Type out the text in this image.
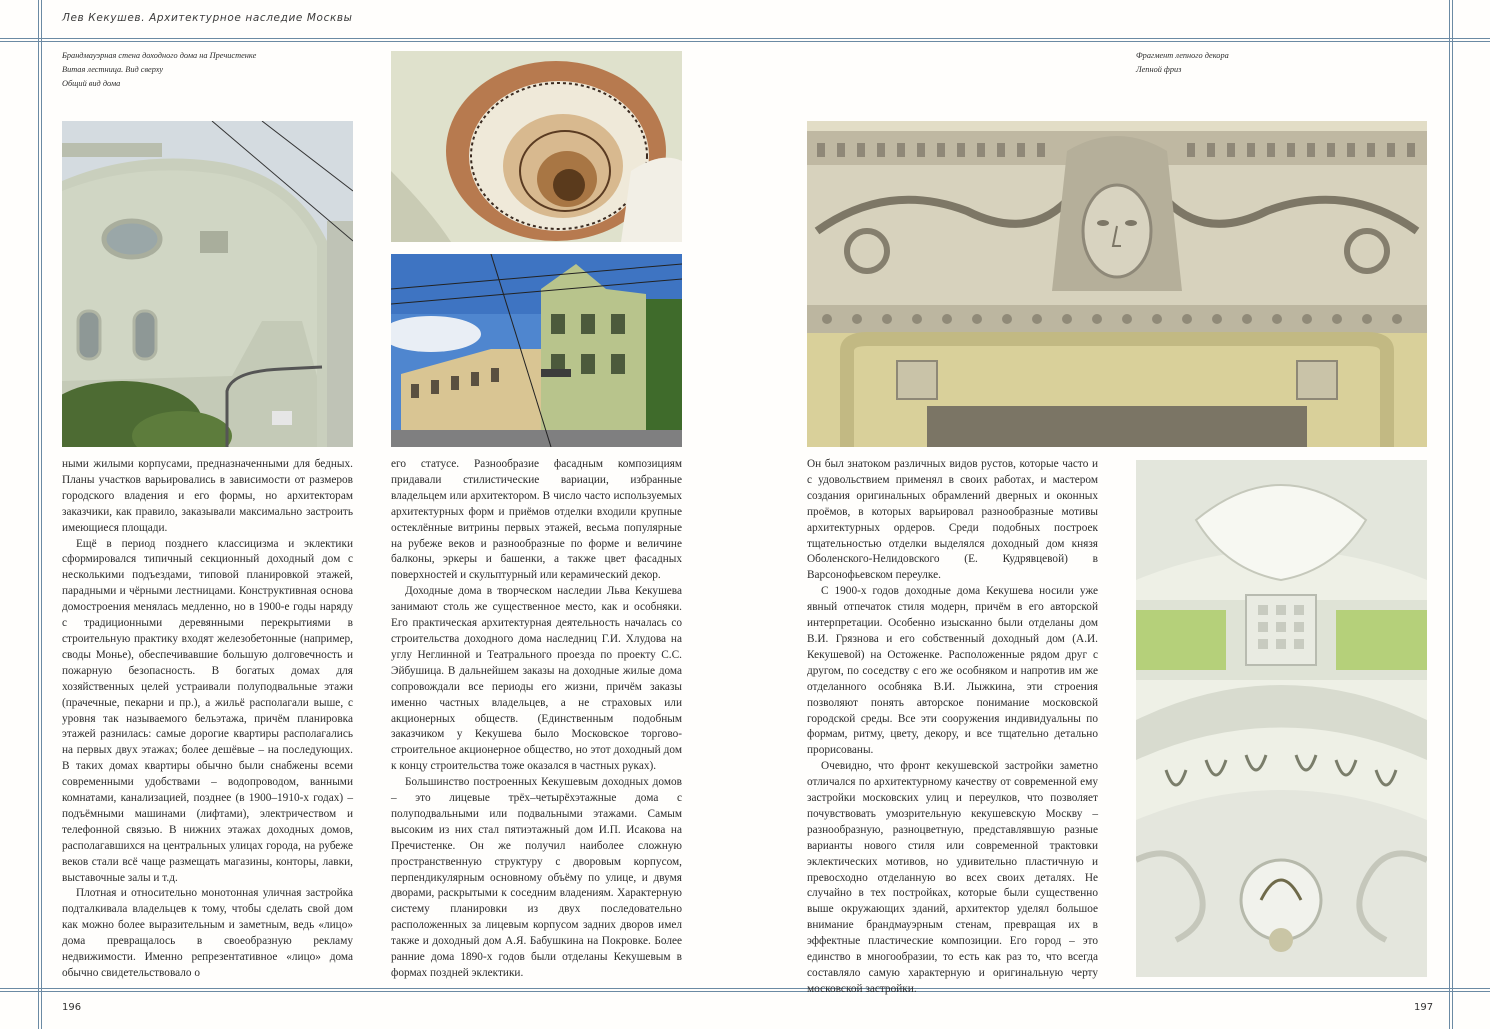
Лев Кекушев. Архитектурное наследие Москвы
Брандмауэрная стена доходного дома на Пречистенке
Витая лестница. Вид сверху
Общий вид дома

ными жилыми корпусами, предназначенными для бедных. Планы участков варьировались в зависимости от размеров городского владения и его формы, но архитекторам заказчики, как правило, заказывали максимально застроить имеющиеся площади.

Ещё в период позднего классицизма и эклектики сформировался типичный секционный доходный дом с несколькими подъездами, типовой планировкой этажей, парадными и чёрными лестницами. Конструктивная основа домостроения менялась медленно, но в 1900-е годы наряду с традиционными деревянными перекрытиями в строительную практику входят железобетонные (например, своды Монье), обеспечивавшие большую долговечность и пожарную безопасность. В богатых домах для хозяйственных целей устраивали полуподвальные этажи (прачечные, пекарни и пр.), а жильё располагали выше, с уровня так называемого бельэтажа, причём планировка этажей разнилась: самые дорогие квартиры располагались на первых двух этажах; более дешёвые – на последующих. В таких домах квартиры обычно были снабжены всеми современными удобствами – водопроводом, ванными комнатами, канализацией, позднее (в 1900–1910-х годах) – подъёмными машинами (лифтами), электричеством и телефонной связью. В нижних этажах доходных домов, располагавшихся на центральных улицах города, на рубеже веков стали всё чаще размещать магазины, конторы, лавки, выставочные залы и т.д.

Плотная и относительно монотонная уличная застройка подталкивала владельцев к тому, чтобы сделать свой дом как можно более выразительным и заметным, ведь «лицо» дома превращалось в своеобразную рекламу недвижимости. Именно репрезентативное «лицо» дома обычно свидетельствовало о

его статусе. Разнообразие фасадным композициям придавали стилистические вариации, избранные владельцем или архитектором. В число часто используемых архитектурных форм и приёмов отделки входили крупные остеклённые витрины первых этажей, весьма популярные на рубеже веков и разнообразные по форме и величине балконы, эркеры и башенки, а также цвет фасадных поверхностей и скульптурный или керамический декор.

Доходные дома в творческом наследии Льва Кекушева занимают столь же существенное место, как и особняки. Его практическая архитектурная деятельность началась со строительства доходного дома наследниц Г.И. Хлудова на углу Неглинной и Театрального проезда по проекту С.С. Эйбушица. В дальнейшем заказы на доходные жилые дома сопровождали все периоды его жизни, причём заказы именно частных владельцев, а не страховых или акционерных обществ. (Единственным подобным заказчиком у Кекушева было Московское торгово-строительное акционерное общество, но этот доходный дом к концу строительства тоже оказался в частных руках).

Большинство построенных Кекушевым доходных домов – это лицевые трёх–четырёхэтажные дома с полуподвальными или подвальными этажами. Самым высоким из них стал пятиэтажный дом И.П. Исакова на Пречистенке. Он же получил наиболее сложную пространственную структуру с дворовым корпусом, перпендикулярным основному объёму по улице, и двумя дворами, раскрытыми к соседним владениям. Характерную систему планировки из двух последовательно расположенных за лицевым корпусом задних дворов имел также и доходный дом А.Я. Бабушкина на Покровке. Более ранние дома 1890-х годов были отделаны Кекушевым в формах поздней эклектики.

196
Фрагмент лепного декора
Лепной фриз

Он был знатоком различных видов рустов, которые часто и с удовольствием применял в своих работах, и мастером создания оригинальных обрамлений дверных и оконных проёмов, в которых варьировал разнообразные мотивы архитектурных ордеров. Среди подобных построек тщательностью отделки выделялся доходный дом князя Оболенского-Нелидовского (Е. Кудрявцевой) в Варсонофьевском переулке.

С 1900-х годов доходные дома Кекушева носили уже явный отпечаток стиля модерн, причём в его авторской интерпретации. Особенно изысканно были отделаны дом В.И. Грязнова и его собственный доходный дом (А.И. Кекушевой) на Остоженке. Расположенные рядом друг с другом, по соседству с его же особняком и напротив им же отделанного особняка В.И. Лыжкина, эти строения позволяют понять авторское понимание московской городской среды. Все эти сооружения индивидуальны по формам, ритму, цвету, декору, и все тщательно детально прорисованы.

Очевидно, что фронт кекушевской застройки заметно отличался по архитектурному качеству от современной ему застройки московских улиц и переулков, что позволяет почувствовать умозрительную кекушевскую Москву – разнообразную, разноцветную, представлявшую разные варианты нового стиля или современной трактовки эклектических мотивов, но удивительно пластичную и превосходно отделанную во всех своих деталях. Не случайно в тех постройках, которые были существенно выше окружающих зданий, архитектор уделял большое внимание брандмауэрным стенам, превращая их в эффектные пластические композиции. Его город – это единство в многообразии, то есть как раз то, что всегда составляло самую характерную и оригинальную черту московской застройки.

197
